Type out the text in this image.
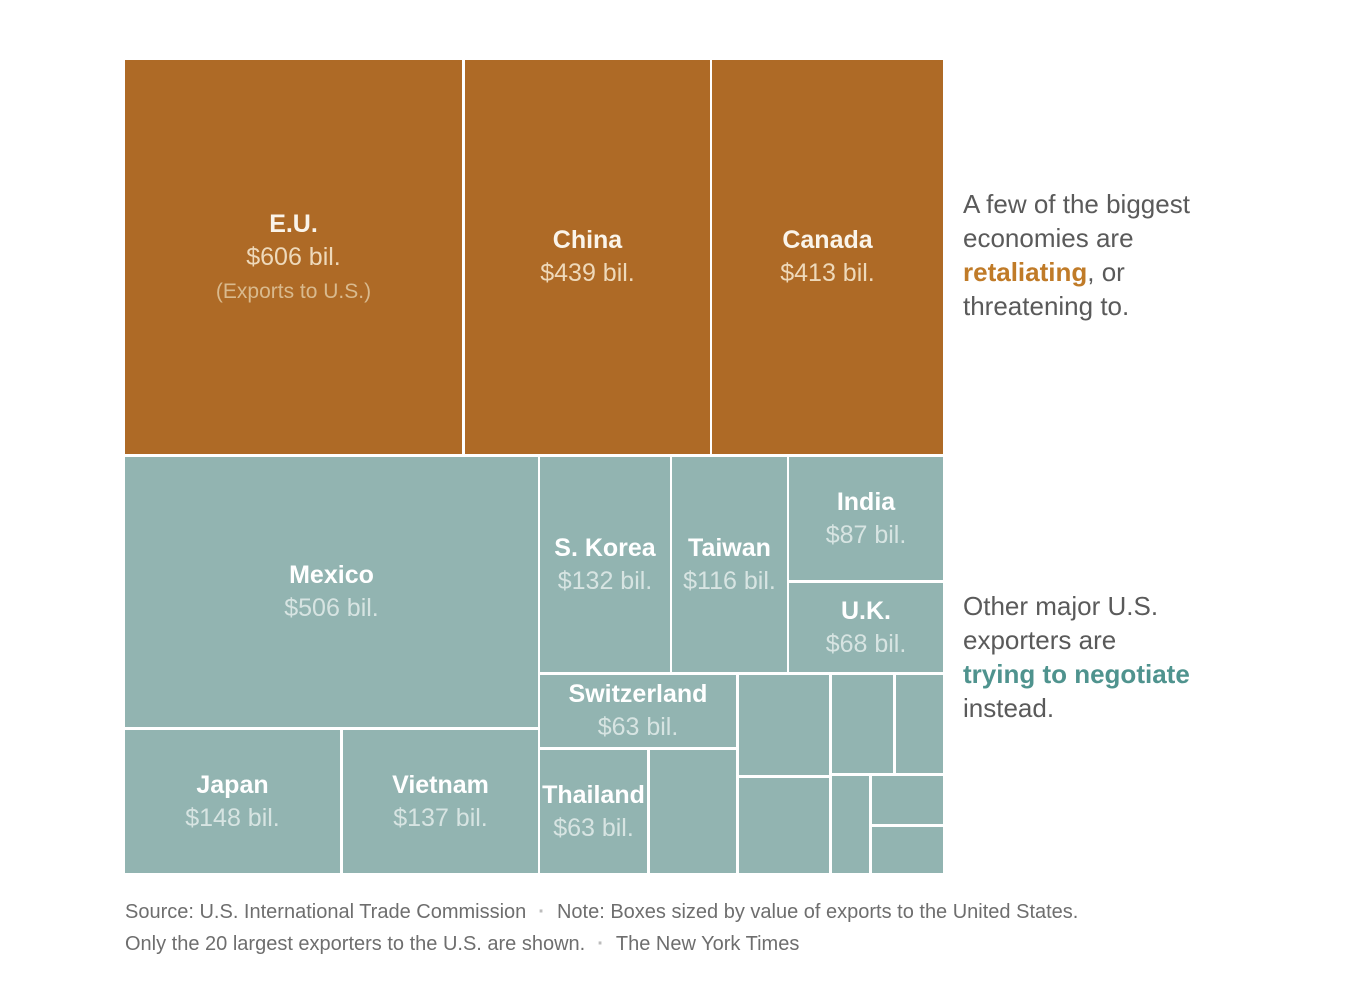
E.U.
$606 bil.
(Exports to U.S.)
China
$439 bil.
Canada
$413 bil.
Mexico
$506 bil.
S. Korea
$132 bil.
Taiwan
$116 bil.
India
$87 bil.
U.K.
$68 bil.
Japan
$148 bil.
Vietnam
$137 bil.
Switzerland
$63 bil.
Thailand
$63 bil.
A few of the biggest
economies are
retaliating, or
threatening to.
Other major U.S.
exporters are
trying to negotiate
instead.
Source: U.S. International Trade Commission · Note: Boxes sized by value of exports to the United States.
Only the 20 largest exporters to the U.S. are shown. · The New York Times
